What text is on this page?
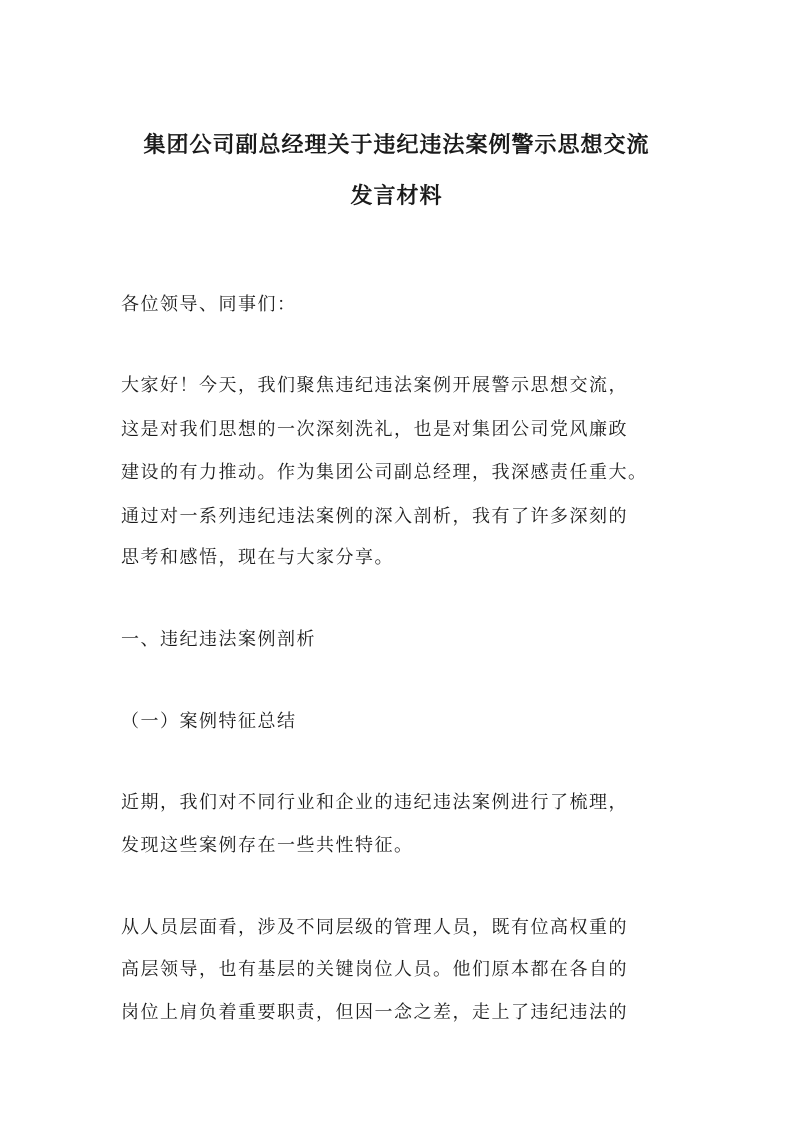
集团公司副总经理关于违纪违法案例警示思想交流
发言材料
各位领导、同事们：
大家好！今天，我们聚焦违纪违法案例开展警示思想交流，
这是对我们思想的一次深刻洗礼，也是对集团公司党风廉政
建设的有力推动。作为集团公司副总经理，我深感责任重大。
通过对一系列违纪违法案例的深入剖析，我有了许多深刻的
思考和感悟，现在与大家分享。
一、违纪违法案例剖析
（一）案例特征总结
近期，我们对不同行业和企业的违纪违法案例进行了梳理，
发现这些案例存在一些共性特征。
从人员层面看，涉及不同层级的管理人员，既有位高权重的
高层领导，也有基层的关键岗位人员。他们原本都在各自的
岗位上肩负着重要职责，但因一念之差，走上了违纪违法的
